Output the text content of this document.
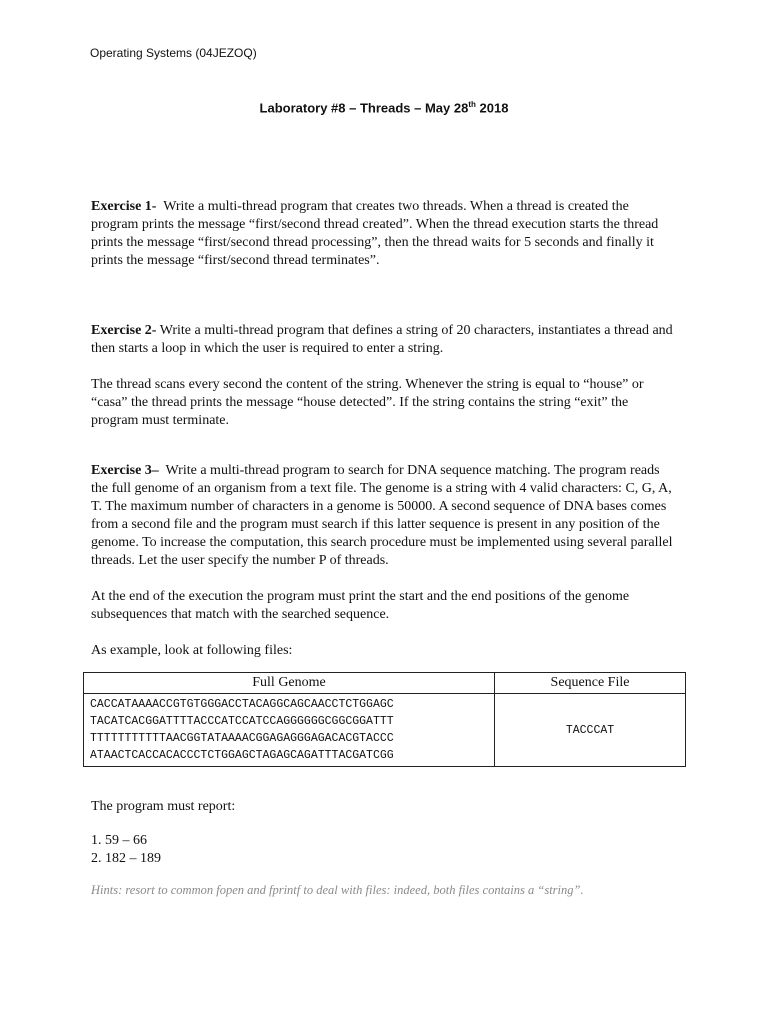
Operating Systems (04JEZOQ)
Laboratory #8 – Threads – May 28th 2018

Exercise 1- Write a multi-thread program that creates two threads. When a thread is created the program prints the message “first/second thread created”. When the thread execution starts the thread prints the message “first/second thread processing”, then the thread waits for 5 seconds and finally it prints the message “first/second thread terminates”.

Exercise 2- Write a multi-thread program that defines a string of 20 characters, instantiates a thread and then starts a loop in which the user is required to enter a string.

The thread scans every second the content of the string. Whenever the string is equal to “house” or “casa” the thread prints the message “house detected”. If the string contains the string “exit” the program must terminate.

Exercise 3– Write a multi-thread program to search for DNA sequence matching. The program reads the full genome of an organism from a text file. The genome is a string with 4 valid characters: C, G, A, T. The maximum number of characters in a genome is 50000. A second sequence of DNA bases comes from a second file and the program must search if this latter sequence is present in any position of the genome. To increase the computation, this search procedure must be implemented using several parallel threads. Let the user specify the number P of threads.

At the end of the execution the program must print the start and the end positions of the genome subsequences that match with the searched sequence.

As example, look at following files:

Full Genome	Sequence File

CACCATAAAACCGTGTGGGACCTACAGGCAGCAACCTCTGGAGC
TACATCACGGATTTTACCCATCCATCCAGGGGGGCGGCGGATTT
TTTTTTTTTTTAACGGTATAAAACGGAGAGGGAGACACGTACCC
ATAACTCACCACACCCTCTGGAGCTAGAGCAGATTTACGATCGG	TACCCAT

The program must report:

1. 59 – 66
2. 182 – 189
Hints: resort to common fopen and fprintf to deal with files: indeed, both files contains a “string”.
